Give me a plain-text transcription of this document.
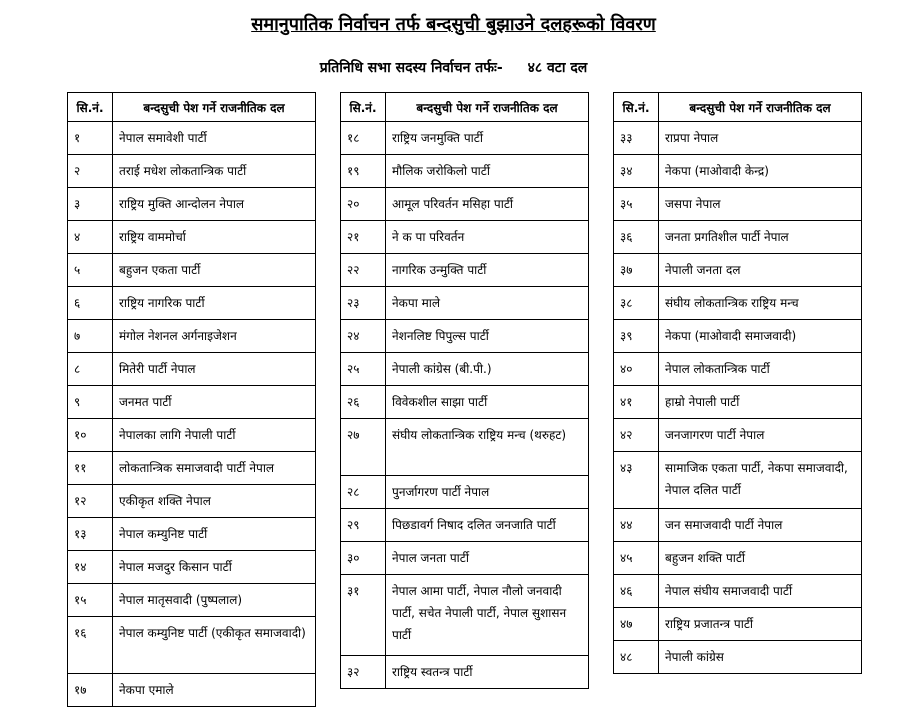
समानुपातिक निर्वाचन तर्फ बन्दसुची बुझाउने दलहरूको विवरण
प्रतिनिधि सभा सदस्य निर्वाचन तर्फः- ४८ वटा दल
सि.नं.	बन्दसुची पेश गर्ने राजनीतिक दल
१	नेपाल समावेशी पार्टी
२	तराई मधेश लोकतान्त्रिक पार्टी
३	राष्ट्रिय मुक्ति आन्दोलन नेपाल
४	राष्ट्रिय वाममोर्चा
५	बहुजन एकता पार्टी
६	राष्ट्रिय नागरिक पार्टी
७	मंगोल नेशनल अर्गनाइजेशन
८	मितेरी पार्टी नेपाल
९	जनमत पार्टी
१०	नेपालका लागि नेपाली पार्टी
११	लोकतान्त्रिक समाजवादी पार्टी नेपाल
१२	एकीकृत शक्ति नेपाल
१३	नेपाल कम्युनिष्ट पार्टी
१४	नेपाल मजदुर किसान पार्टी
१५	नेपाल मातृसवादी (पुष्पलाल)
१६	नेपाल कम्युनिष्ट पार्टी (एकीकृत समाजवादी)
१७	नेकपा एमाले
सि.नं.	बन्दसुची पेश गर्ने राजनीतिक दल
१८	राष्ट्रिय जनमुक्ति पार्टी
१९	मौलिक जरोकिलो पार्टी
२०	आमूल परिवर्तन मसिहा पार्टी
२१	ने क पा परिवर्तन
२२	नागरिक उन्मुक्ति पार्टी
२३	नेकपा माले
२४	नेशनलिष्ट पिपुल्स पार्टी
२५	नेपाली कांग्रेस (बी.पी.)
२६	विवेकशील साझा पार्टी
२७	संघीय लोकतान्त्रिक राष्ट्रिय मन्च (थरुहट)
२८	पुनर्जागरण पार्टी नेपाल
२९	पिछडावर्ग निषाद दलित जनजाति पार्टी
३०	नेपाल जनता पार्टी
३१	नेपाल आमा पार्टी, नेपाल नौलो जनवादी पार्टी, सचेत नेपाली पार्टी, नेपाल सुशासन पार्टी
३२	राष्ट्रिय स्वतन्त्र पार्टी
सि.नं.	बन्दसुची पेश गर्ने राजनीतिक दल
३३	राप्रपा नेपाल
३४	नेकपा (माओवादी केन्द्र)
३५	जसपा नेपाल
३६	जनता प्रगतिशील पार्टी नेपाल
३७	नेपाली जनता दल
३८	संघीय लोकतान्त्रिक राष्ट्रिय मन्च
३९	नेकपा (माओवादी समाजवादी)
४०	नेपाल लोकतान्त्रिक पार्टी
४१	हाम्रो नेपाली पार्टी
४२	जनजागरण पार्टी नेपाल
४३	सामाजिक एकता पार्टी, नेकपा समाजवादी, नेपाल दलित पार्टी
४४	जन समाजवादी पार्टी नेपाल
४५	बहुजन शक्ति पार्टी
४६	नेपाल संघीय समाजवादी पार्टी
४७	राष्ट्रिय प्रजातन्त्र पार्टी
४८	नेपाली कांग्रेस
